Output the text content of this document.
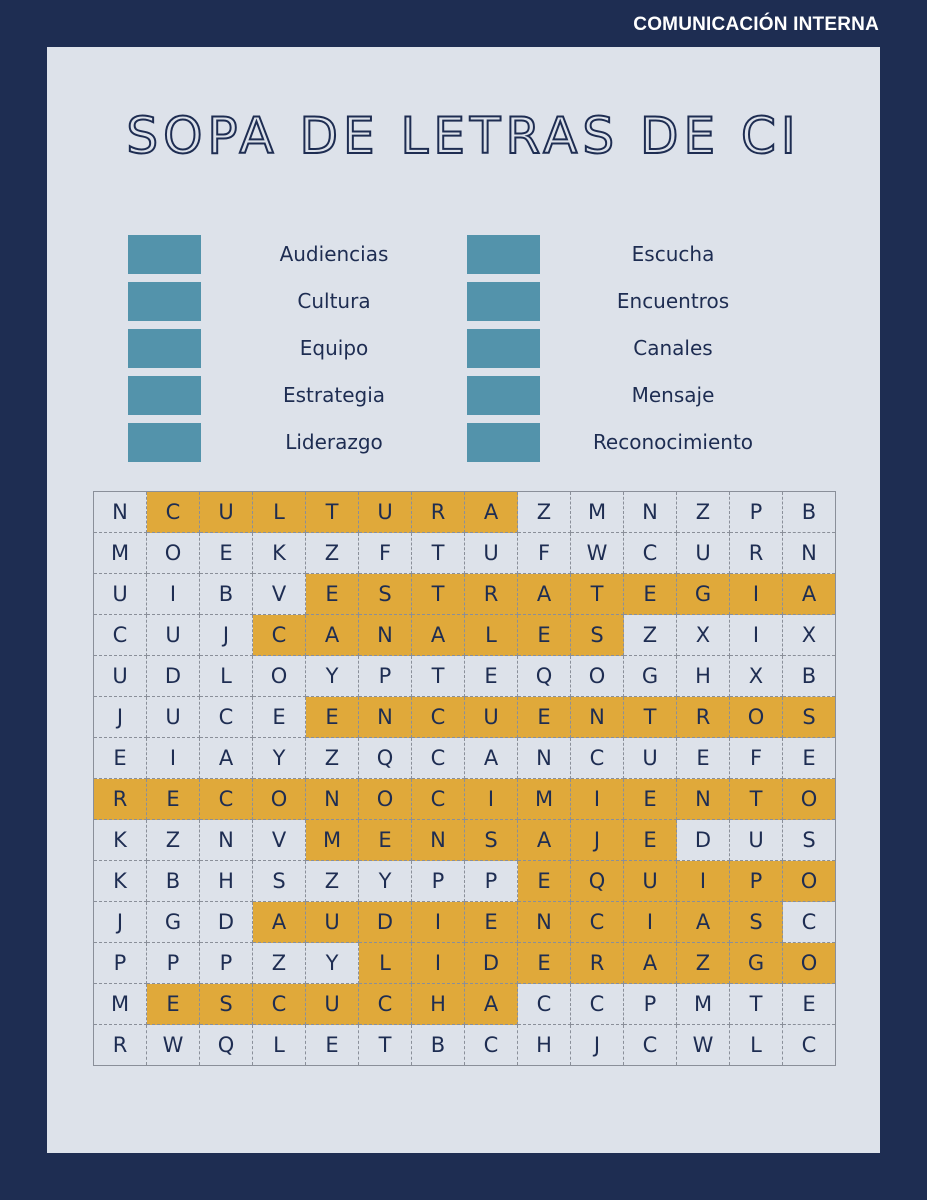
COMUNICACIÓN INTERNA
SOPA DE LETRAS DE CI
Audiencias
Cultura
Equipo
Estrategia
Liderazgo
Escucha
Encuentros
Canales
Mensaje
Reconocimiento
N	C	U	L	T	U	R	A	Z	M	N	Z	P	B
M	O	E	K	Z	F	T	U	F	W	C	U	R	N
U	I	B	V	E	S	T	R	A	T	E	G	I	A
C	U	J	C	A	N	A	L	E	S	Z	X	I	X
U	D	L	O	Y	P	T	E	Q	O	G	H	X	B
J	U	C	E	E	N	C	U	E	N	T	R	O	S
E	I	A	Y	Z	Q	C	A	N	C	U	E	F	E
R	E	C	O	N	O	C	I	M	I	E	N	T	O
K	Z	N	V	M	E	N	S	A	J	E	D	U	S
K	B	H	S	Z	Y	P	P	E	Q	U	I	P	O
J	G	D	A	U	D	I	E	N	C	I	A	S	C
P	P	P	Z	Y	L	I	D	E	R	A	Z	G	O
M	E	S	C	U	C	H	A	C	C	P	M	T	E
R	W	Q	L	E	T	B	C	H	J	C	W	L	C
